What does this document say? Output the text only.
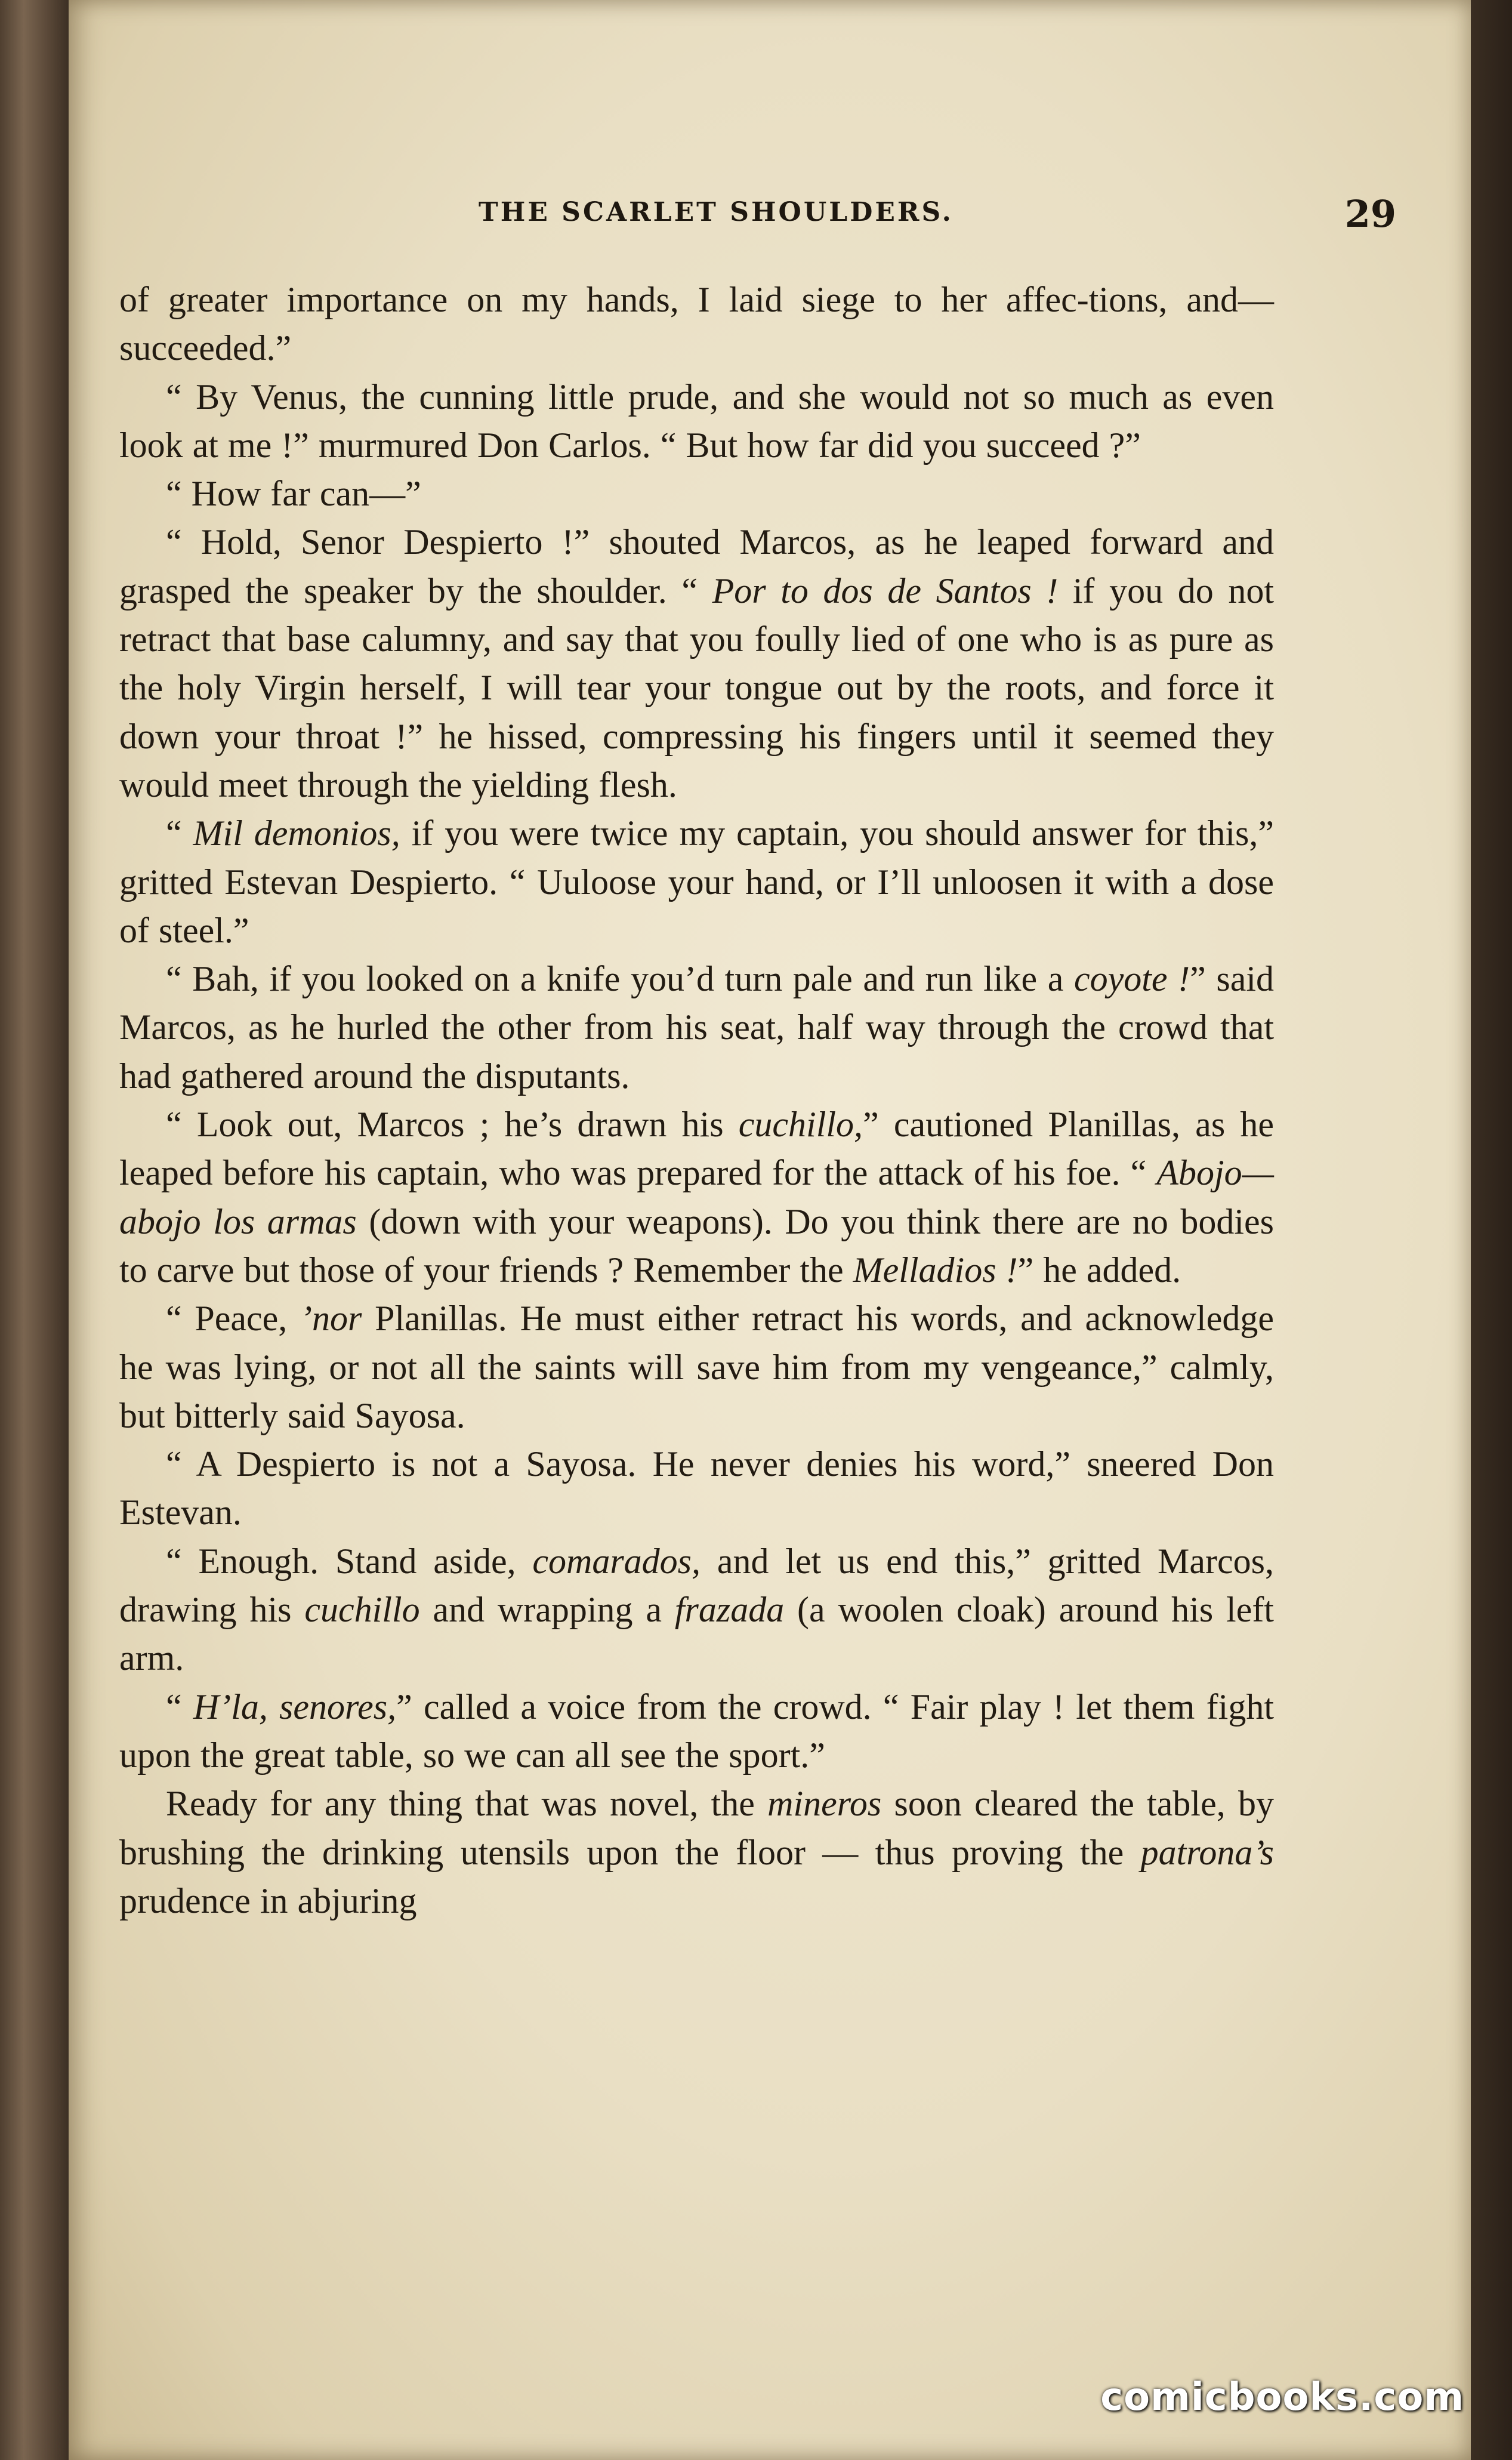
THE SCARLET SHOULDERS.	29

of greater importance on my hands, I laid siege to her affec-tions, and—succeeded.”

“ By Venus, the cunning little prude, and she would not so much as even look at me !” murmured Don Carlos. “ But how far did you succeed ?”

“ How far can—”

“ Hold, Senor Despierto !” shouted Marcos, as he leaped forward and grasped the speaker by the shoulder. “ Por to dos de Santos ! if you do not retract that base calumny, and say that you foully lied of one who is as pure as the holy Virgin herself, I will tear your tongue out by the roots, and force it down your throat !” he hissed, compressing his fingers until it seemed they would meet through the yielding flesh.

“ Mil demonios, if you were twice my captain, you should answer for this,” gritted Estevan Despierto. “ Uuloose your hand, or I’ll unloosen it with a dose of steel.”

“ Bah, if you looked on a knife you’d turn pale and run like a coyote !” said Marcos, as he hurled the other from his seat, half way through the crowd that had gathered around the disputants.

“ Look out, Marcos ; he’s drawn his cuchillo,” cautioned Planillas, as he leaped before his captain, who was prepared for the attack of his foe. “ Abojo—abojo los armas (down with your weapons). Do you think there are no bodies to carve but those of your friends ? Remember the Melladios !” he added.

“ Peace, ’nor Planillas. He must either retract his words, and acknowledge he was lying, or not all the saints will save him from my vengeance,” calmly, but bitterly said Sayosa.

“ A Despierto is not a Sayosa. He never denies his word,” sneered Don Estevan.

“ Enough. Stand aside, comarados, and let us end this,” gritted Marcos, drawing his cuchillo and wrapping a frazada (a woolen cloak) around his left arm.

“ H’la, senores,” called a voice from the crowd. “ Fair play ! let them fight upon the great table, so we can all see the sport.”

Ready for any thing that was novel, the mineros soon cleared the table, by brushing the drinking utensils upon the floor — thus proving the patrona’s prudence in abjuring

comicbooks.com
